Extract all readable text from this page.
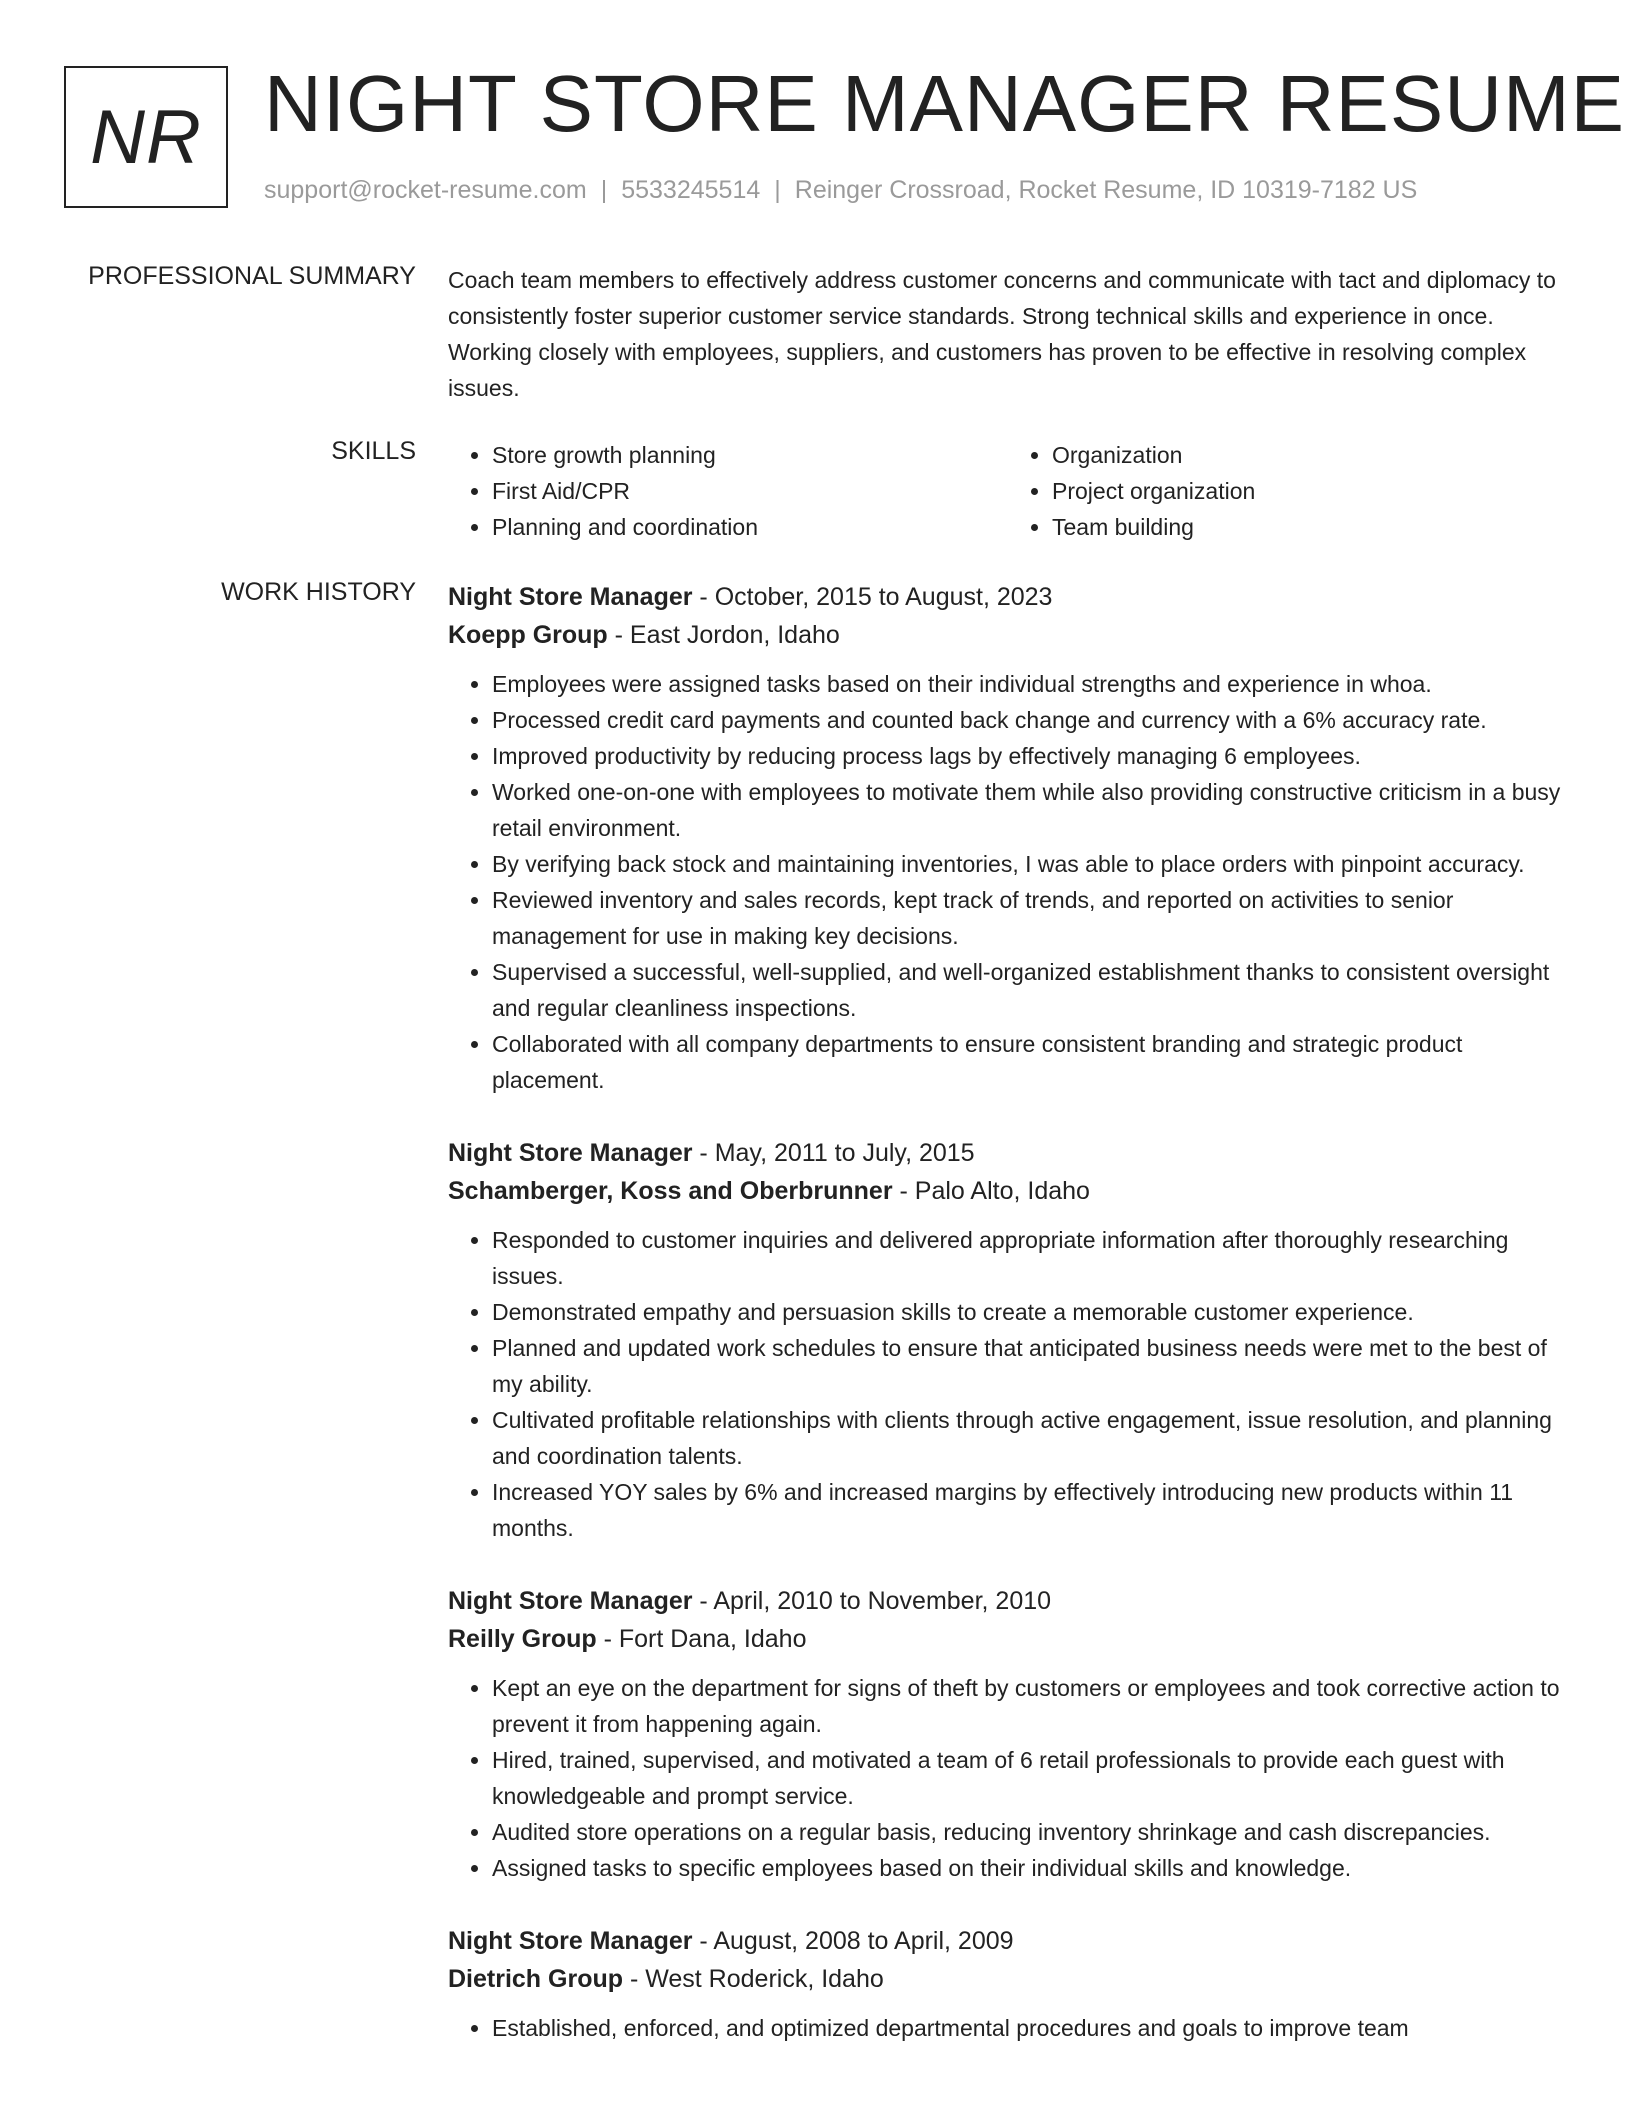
NR NIGHT STORE MANAGER RESUME
support@rocket-resume.com | 5533245514 | Reinger Crossroad, Rocket Resume, ID 10319-7182 US
PROFESSIONAL SUMMARY Coach team members to effectively address customer concerns and communicate with tact and diplomacy to consistently foster superior customer service standards. Strong technical skills and experience in once. Working closely with employees, suppliers, and customers has proven to be effective in resolving complex issues.

SKILLS
•	Store growth planning
• First Aid/CPR
• Planning and coordination
• Organization
• Project organization
• Team building
WORK HISTORY Night Store Manager - October, 2015 to August, 2023
Koepp Group - East Jordon, Idaho
• Employees were assigned tasks based on their individual strengths and experience in whoa.
• Processed credit card payments and counted back change and currency with a 6% accuracy rate.
• Improved productivity by reducing process lags by effectively managing 6 employees.
• Worked one-on-one with employees to motivate them while also providing constructive criticism in a busy retail environment.
• By verifying back stock and maintaining inventories, I was able to place orders with pinpoint accuracy.
• Reviewed inventory and sales records, kept track of trends, and reported on activities to senior management for use in making key decisions.
• Supervised a successful, well-supplied, and well-organized establishment thanks to consistent oversight and regular cleanliness inspections.
• Collaborated with all company departments to ensure consistent branding and strategic product placement.
Night Store Manager - May, 2011 to July, 2015
Schamberger, Koss and Oberbrunner - Palo Alto, Idaho
• Responded to customer inquiries and delivered appropriate information after thoroughly researching issues.
• Demonstrated empathy and persuasion skills to create a memorable customer experience.
• Planned and updated work schedules to ensure that anticipated business needs were met to the best of my ability.
• Cultivated profitable relationships with clients through active engagement, issue resolution, and planning and coordination talents.
• Increased YOY sales by 6% and increased margins by effectively introducing new products within 11 months.
Night Store Manager - April, 2010 to November, 2010
Reilly Group - Fort Dana, Idaho
• Kept an eye on the department for signs of theft by customers or employees and took corrective action to prevent it from happening again.
• Hired, trained, supervised, and motivated a team of 6 retail professionals to provide each guest with knowledgeable and prompt service.
• Audited store operations on a regular basis, reducing inventory shrinkage and cash discrepancies.
• Assigned tasks to specific employees based on their individual skills and knowledge.
Night Store Manager - August, 2008 to April, 2009
Dietrich Group - West Roderick, Idaho
• Established, enforced, and optimized departmental procedures and goals to improve team
